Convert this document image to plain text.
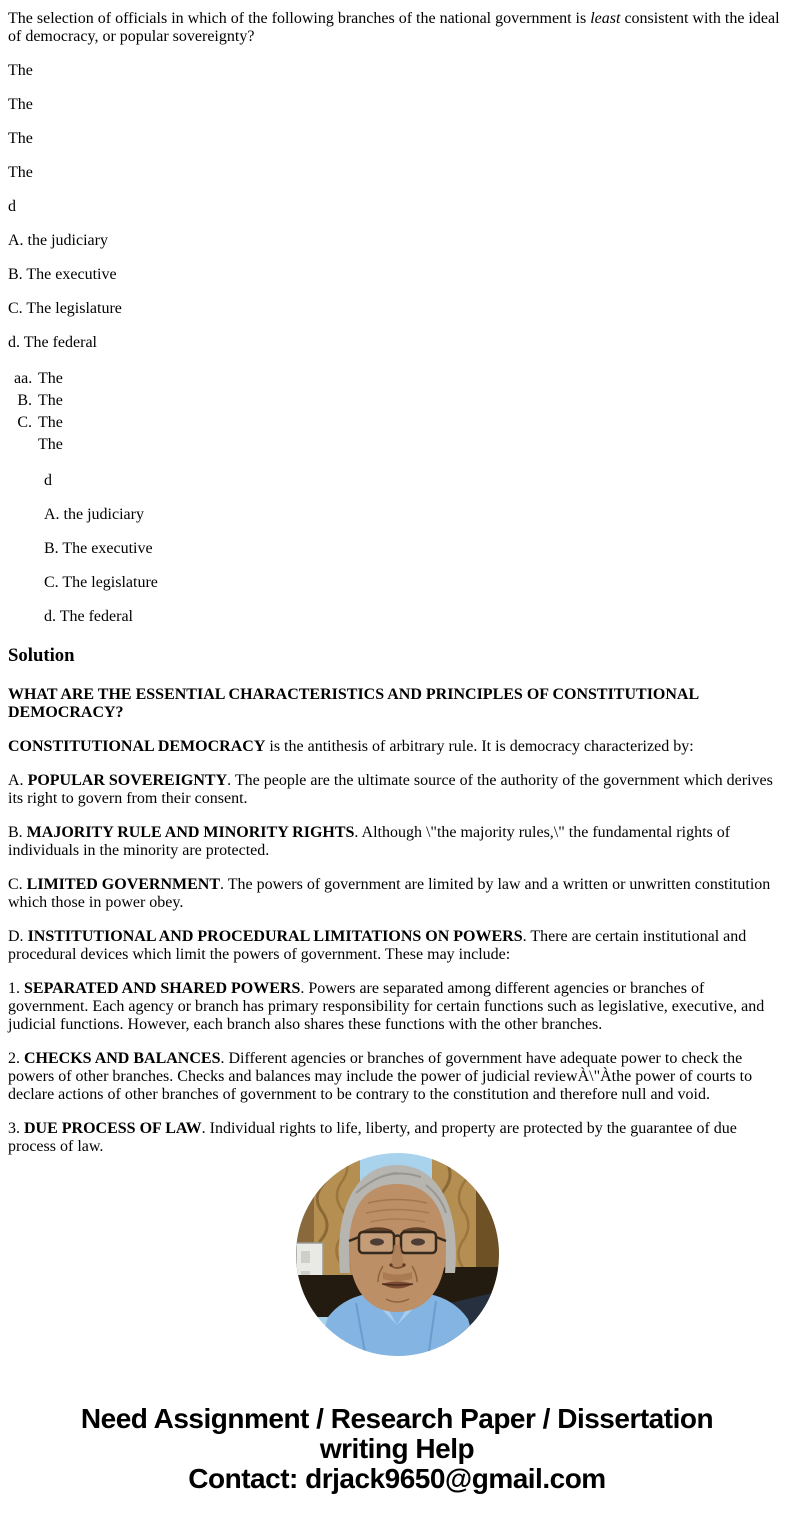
The selection of officials in which of the following branches of the national government is least consistent with the ideal of democracy, or popular sovereignty?

The

The

The

The

d

A. the judiciary

B. The executive

C. The legislature

d. The federal

aa. The
B. The
C. The
The

d

A. the judiciary

B. The executive

C. The legislature

d. The federal

Solution

WHAT ARE THE ESSENTIAL CHARACTERISTICS AND PRINCIPLES OF CONSTITUTIONAL DEMOCRACY?

CONSTITUTIONAL DEMOCRACY is the antithesis of arbitrary rule. It is democracy characterized by:

A. POPULAR SOVEREIGNTY. The people are the ultimate source of the authority of the government which derives its right to govern from their consent.

B. MAJORITY RULE AND MINORITY RIGHTS. Although \"the majority rules,\" the fundamental rights of individuals in the minority are protected.

C. LIMITED GOVERNMENT. The powers of government are limited by law and a written or unwritten constitution which those in power obey.

D. INSTITUTIONAL AND PROCEDURAL LIMITATIONS ON POWERS. There are certain institutional and procedural devices which limit the powers of government. These may include:

1. SEPARATED AND SHARED POWERS. Powers are separated among different agencies or branches of government. Each agency or branch has primary responsibility for certain functions such as legislative, executive, and judicial functions. However, each branch also shares these functions with the other branches.

2. CHECKS AND BALANCES. Different agencies or branches of government have adequate power to check the powers of other branches. Checks and balances may include the power of judicial reviewÀ\"Àthe power of courts to declare actions of other branches of government to be contrary to the constitution and therefore null and void.

3. DUE PROCESS OF LAW. Individual rights to life, liberty, and property are protected by the guarantee of due process of law.

Need Assignment / Research Paper / Dissertation
writing Help
Contact: drjack9650@gmail.com
